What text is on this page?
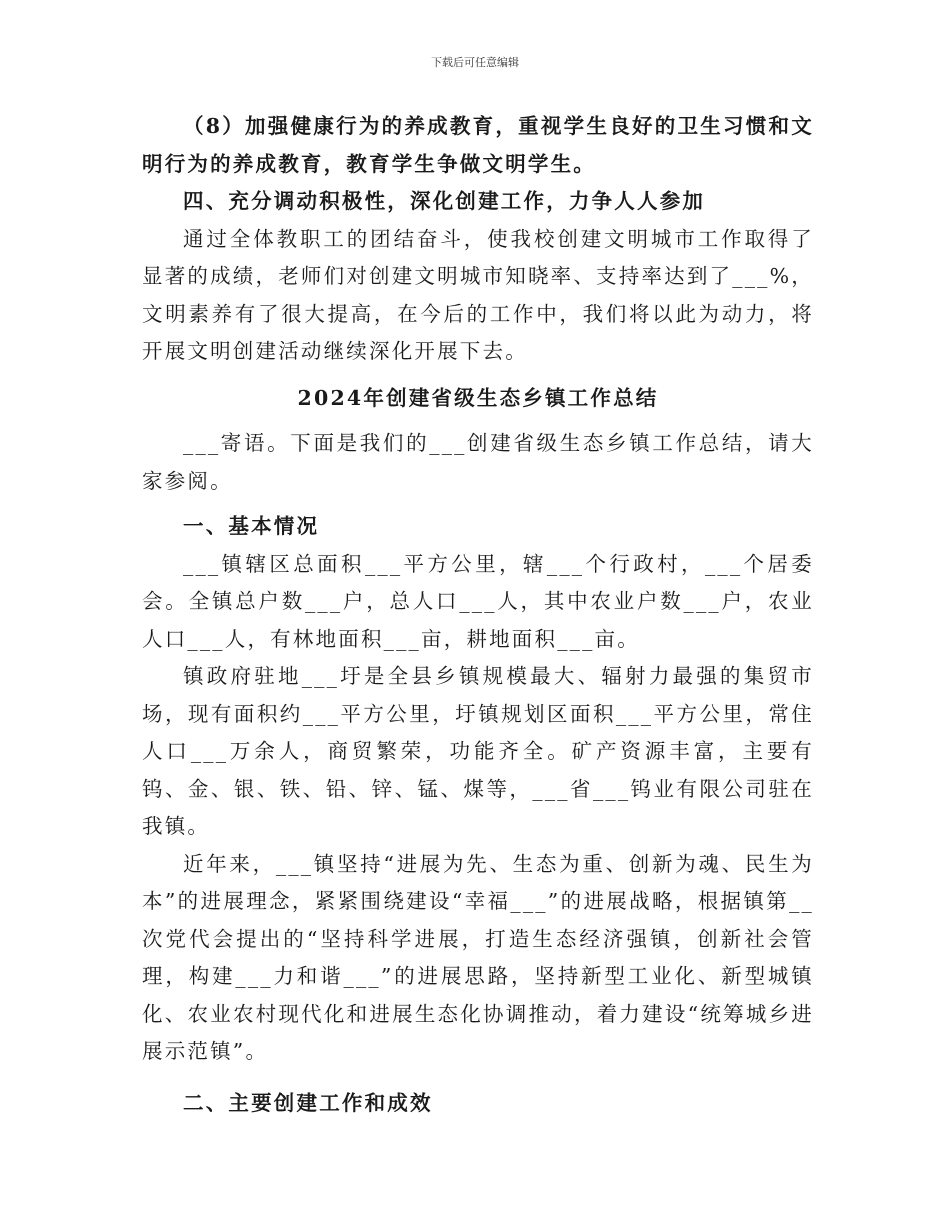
下载后可任意编辑

（8）加强健康行为的养成教育，重视学生良好的卫生习惯和文明行为的养成教育，教育学生争做文明学生。

四、充分调动积极性，深化创建工作，力争人人参加

通过全体教职工的团结奋斗，使我校创建文明城市工作取得了显著的成绩，老师们对创建文明城市知晓率、支持率达到了___%，文明素养有了很大提高，在今后的工作中，我们将以此为动力，将开展文明创建活动继续深化开展下去。

2024年创建省级生态乡镇工作总结

___寄语。下面是我们的___创建省级生态乡镇工作总结，请大家参阅。

一、基本情况

___镇辖区总面积___平方公里，辖___个行政村，___个居委会。全镇总户数___户，总人口___人，其中农业户数___户，农业人口___人，有林地面积___亩，耕地面积___亩。

镇政府驻地___圩是全县乡镇规模最大、辐射力最强的集贸市场，现有面积约___平方公里，圩镇规划区面积___平方公里，常住人口___万余人，商贸繁荣，功能齐全。矿产资源丰富，主要有钨、金、银、铁、铅、锌、锰、煤等，___省___钨业有限公司驻在我镇。

近年来，___镇坚持“进展为先、生态为重、创新为魂、民生为本”的进展理念，紧紧围绕建设“幸福___”的进展战略，根据镇第__次党代会提出的“坚持科学进展，打造生态经济强镇，创新社会管理，构建___力和谐___”的进展思路，坚持新型工业化、新型城镇化、农业农村现代化和进展生态化协调推动，着力建设“统筹城乡进展示范镇”。

二、主要创建工作和成效
